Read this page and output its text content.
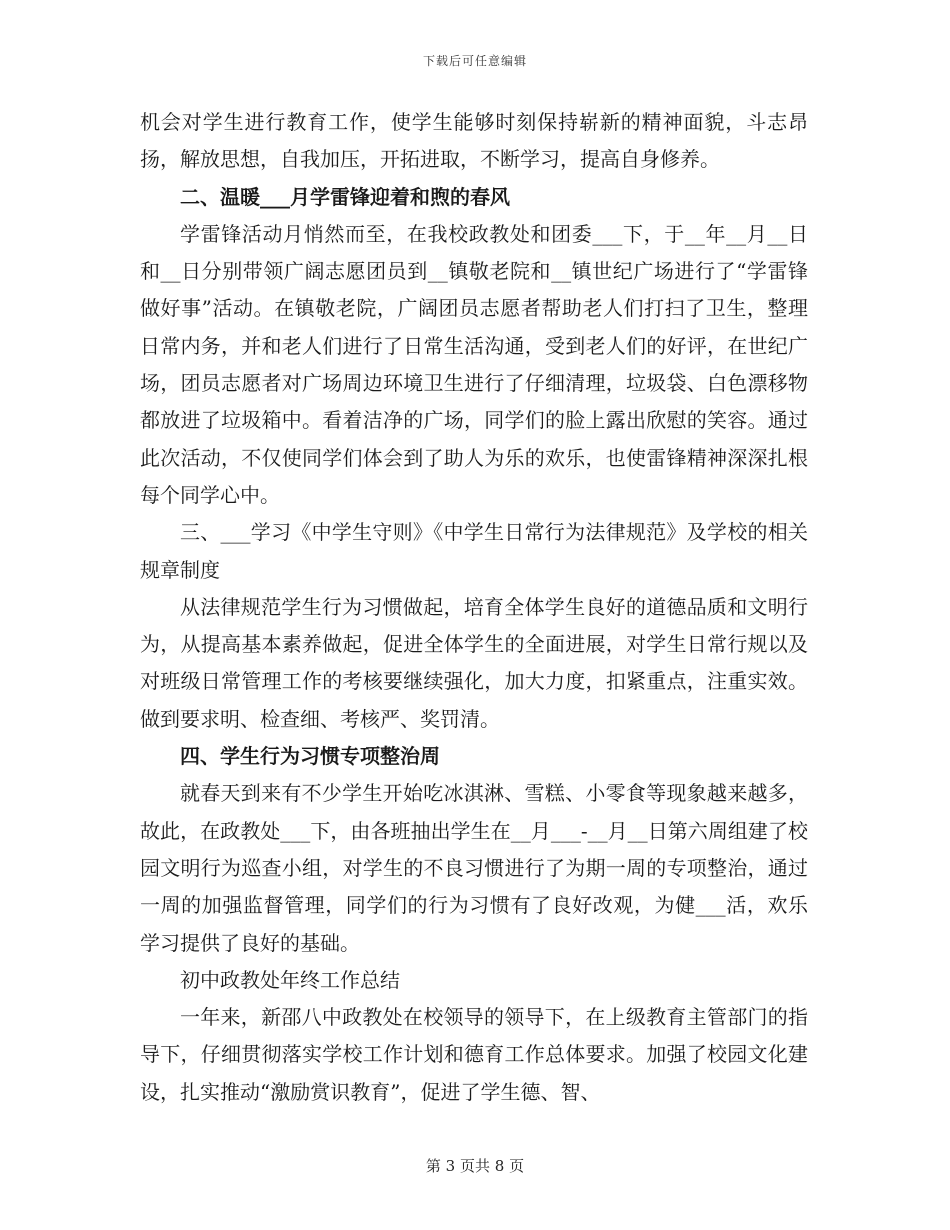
下载后可任意编辑

机会对学生进行教育工作，使学生能够时刻保持崭新的精神面貌，斗志昂扬，解放思想，自我加压，开拓进取，不断学习，提高自身修养。

二、温暖___月学雷锋迎着和煦的春风

学雷锋活动月悄然而至，在我校政教处和团委___下，于__年__月__日和__日分别带领广阔志愿团员到__镇敬老院和__镇世纪广场进行了“学雷锋做好事”活动。在镇敬老院，广阔团员志愿者帮助老人们打扫了卫生，整理日常内务，并和老人们进行了日常生活沟通，受到老人们的好评，在世纪广场，团员志愿者对广场周边环境卫生进行了仔细清理，垃圾袋、白色漂移物都放进了垃圾箱中。看着洁净的广场，同学们的脸上露出欣慰的笑容。通过此次活动，不仅使同学们体会到了助人为乐的欢乐，也使雷锋精神深深扎根每个同学心中。

三、___学习《中学生守则》《中学生日常行为法律规范》及学校的相关规章制度

从法律规范学生行为习惯做起，培育全体学生良好的道德品质和文明行为，从提高基本素养做起，促进全体学生的全面进展，对学生日常行规以及对班级日常管理工作的考核要继续强化，加大力度，扣紧重点，注重实效。做到要求明、检查细、考核严、奖罚清。

四、学生行为习惯专项整治周

就春天到来有不少学生开始吃冰淇淋、雪糕、小零食等现象越来越多，故此，在政教处___下，由各班抽出学生在__月___-__月__日第六周组建了校园文明行为巡查小组，对学生的不良习惯进行了为期一周的专项整治，通过一周的加强监督管理，同学们的行为习惯有了良好改观，为健___活，欢乐学习提供了良好的基础。

初中政教处年终工作总结

一年来，新邵八中政教处在校领导的领导下，在上级教育主管部门的指导下，仔细贯彻落实学校工作计划和德育工作总体要求。加强了校园文化建设，扎实推动“激励赏识教育”，促进了学生德、智、

第 3 页共 8 页
